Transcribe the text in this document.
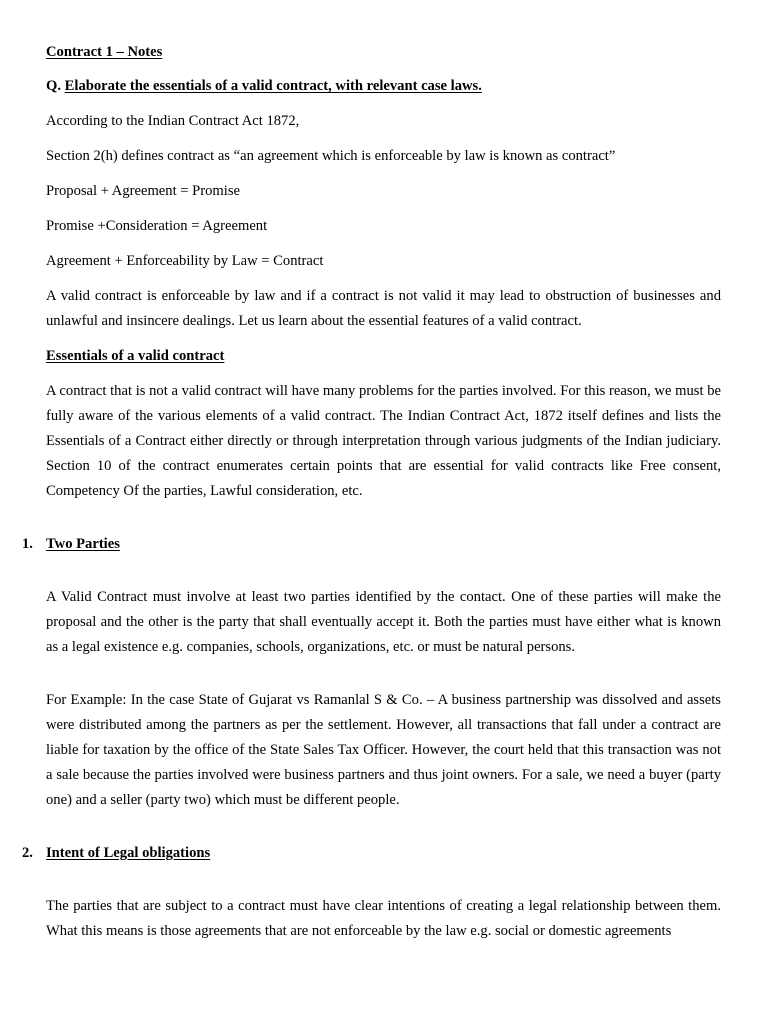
Contract 1 – Notes

Q. Elaborate the essentials of a valid contract, with relevant case laws.

According to the Indian Contract Act 1872,

Section 2(h) defines contract as “an agreement which is enforceable by law is known as contract”

Proposal + Agreement = Promise

Promise +Consideration = Agreement

Agreement + Enforceability by Law = Contract

A valid contract is enforceable by law and if a contract is not valid it may lead to obstruction of businesses and unlawful and insincere dealings. Let us learn about the essential features of a valid contract.

Essentials of a valid contract

A contract that is not a valid contract will have many problems for the parties involved. For this reason, we must be fully aware of the various elements of a valid contract. The Indian Contract Act, 1872 itself defines and lists the Essentials of a Contract either directly or through interpretation through various judgments of the Indian judiciary. Section 10 of the contract enumerates certain points that are essential for valid contracts like Free consent, Competency Of the parties, Lawful consideration, etc.

1. Two Parties

A Valid Contract must involve at least two parties identified by the contact. One of these parties will make the proposal and the other is the party that shall eventually accept it. Both the parties must have either what is known as a legal existence e.g. companies, schools, organizations, etc. or must be natural persons.

For Example: In the case State of Gujarat vs Ramanlal S & Co. – A business partnership was dissolved and assets were distributed among the partners as per the settlement. However, all transactions that fall under a contract are liable for taxation by the office of the State Sales Tax Officer. However, the court held that this transaction was not a sale because the parties involved were business partners and thus joint owners. For a sale, we need a buyer (party one) and a seller (party two) which must be different people.

2. Intent of Legal obligations

The parties that are subject to a contract must have clear intentions of creating a legal relationship between them. What this means is those agreements that are not enforceable by the law e.g. social or domestic agreements
